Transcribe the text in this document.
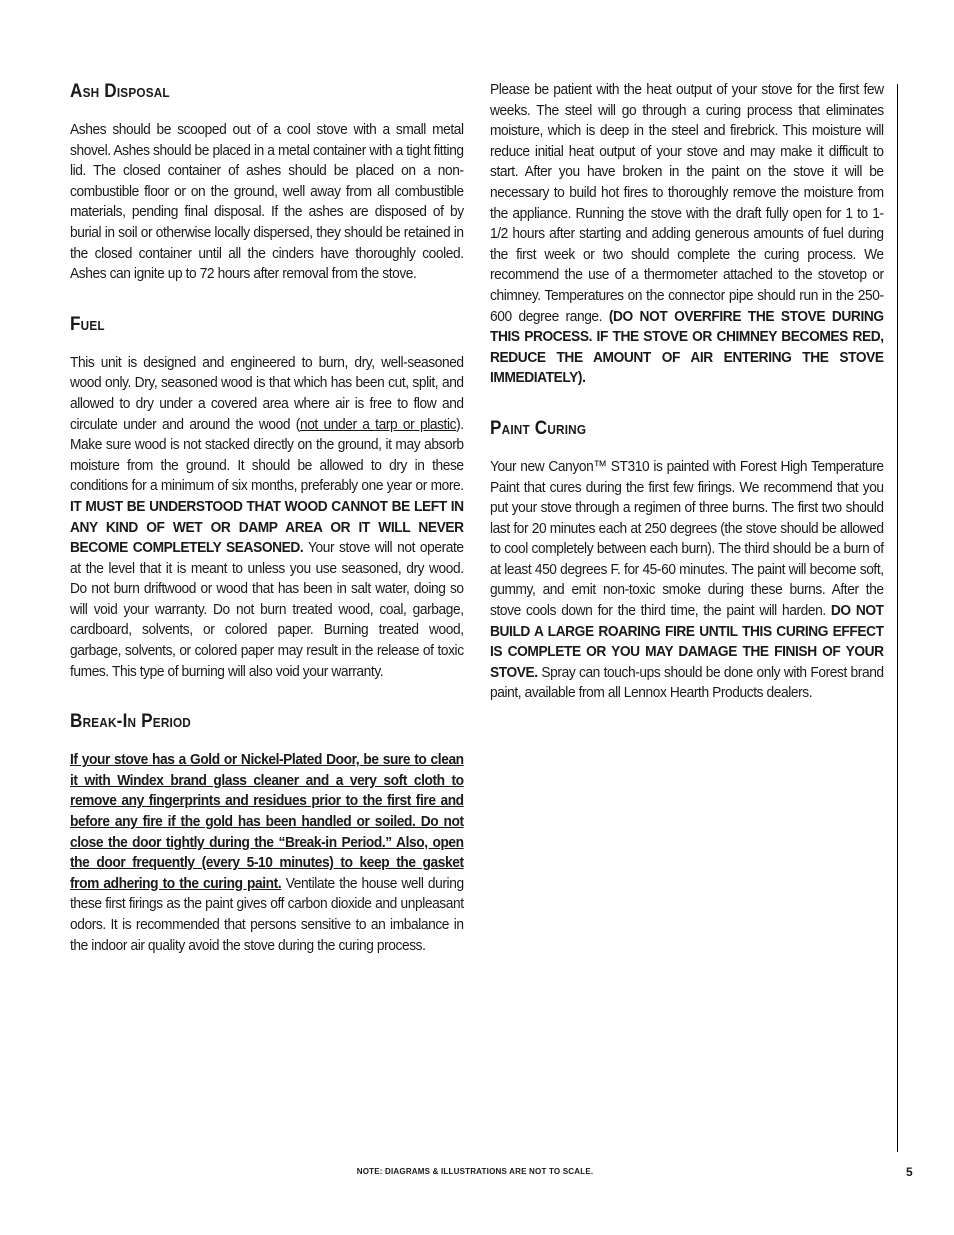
Ash Disposal

Ashes should be scooped out of a cool stove with a small metal shovel. Ashes should be placed in a metal container with a tight fitting lid. The closed container of ashes should be placed on a non-combustible floor or on the ground, well away from all combustible materials, pending final disposal. If the ashes are disposed of by burial in soil or otherwise locally dispersed, they should be retained in the closed container until all the cinders have thoroughly cooled. Ashes can ignite up to 72 hours after removal from the stove.

Fuel

This unit is designed and engineered to burn, dry, well-seasoned wood only. Dry, seasoned wood is that which has been cut, split, and allowed to dry under a covered area where air is free to flow and circulate under and around the wood (not under a tarp or plastic). Make sure wood is not stacked directly on the ground, it may absorb moisture from the ground. It should be allowed to dry in these conditions for a minimum of six months, preferably one year or more. IT MUST BE UNDERSTOOD THAT WOOD CANNOT BE LEFT IN ANY KIND OF WET OR DAMP AREA OR IT WILL NEVER BECOME COMPLETELY SEASONED. Your stove will not operate at the level that it is meant to unless you use seasoned, dry wood. Do not burn driftwood or wood that has been in salt water, doing so will void your warranty. Do not burn treated wood, coal, garbage, cardboard, solvents, or colored paper. Burning treated wood, garbage, solvents, or colored paper may result in the release of toxic fumes. This type of burning will also void your warranty.

Break-In Period

If your stove has a Gold or Nickel-Plated Door, be sure to clean it with Windex brand glass cleaner and a very soft cloth to remove any fingerprints and residues prior to the first fire and before any fire if the gold has been handled or soiled. Do not close the door tightly during the “Break-in Period.” Also, open the door frequently (every 5-10 minutes) to keep the gasket from adhering to the curing paint. Ventilate the house well during these first firings as the paint gives off carbon dioxide and unpleasant odors. It is recommended that persons sensitive to an imbalance in the indoor air quality avoid the stove during the curing process.

Please be patient with the heat output of your stove for the first few weeks. The steel will go through a curing process that eliminates moisture, which is deep in the steel and firebrick. This moisture will reduce initial heat output of your stove and may make it difficult to start. After you have broken in the paint on the stove it will be necessary to build hot fires to thoroughly remove the moisture from the appliance. Running the stove with the draft fully open for 1 to 1-1/2 hours after starting and adding generous amounts of fuel during the first week or two should complete the curing process. We recommend the use of a thermometer attached to the stovetop or chimney. Temperatures on the connector pipe should run in the 250-600 degree range. (DO NOT OVERFIRE THE STOVE DURING THIS PROCESS. IF THE STOVE OR CHIMNEY BECOMES RED, REDUCE THE AMOUNT OF AIR ENTERING THE STOVE IMMEDIATELY).

Paint Curing

Your new Canyon™ ST310 is painted with Forest High Temperature Paint that cures during the first few firings. We recommend that you put your stove through a regimen of three burns. The first two should last for 20 minutes each at 250 degrees (the stove should be allowed to cool completely between each burn). The third should be a burn of at least 450 degrees F. for 45-60 minutes. The paint will become soft, gummy, and emit non-toxic smoke during these burns. After the stove cools down for the third time, the paint will harden. DO NOT BUILD A LARGE ROARING FIRE UNTIL THIS CURING EFFECT IS COMPLETE OR YOU MAY DAMAGE THE FINISH OF YOUR STOVE. Spray can touch-ups should be done only with Forest brand paint, available from all Lennox Hearth Products dealers.

NOTE: DIAGRAMS & ILLUSTRATIONS ARE NOT TO SCALE.	5
